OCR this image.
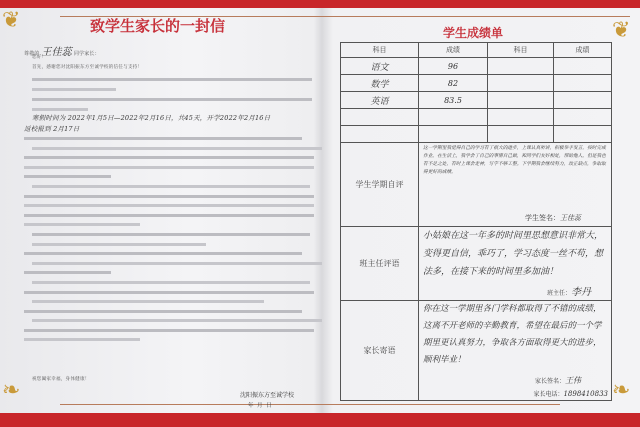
❦
❧
❦
❧
致学生家长的一封信
尊敬的 王佳蕊 同学家长：
您好！
首先，感谢您对沈阳振东方至诚学校的信任与支持！
寒假时间为 2022年1月5日—2022年2月16日，共45天，开学2022年2月16日
返校报到 2月17日
祝您阖家幸福，身体健康！
沈阳振东方至诚学校
年  月  日
学生成绩单
科目	成绩	科目	成绩
语文	96		
数学	82		
英语	83.5		

学生学期自评	这一学期里我觉得自己的学习有了很大的进步，上课认真听讲，积极举手发言，按时完成作业。在生活上，我学会了自己的事情自己做，和同学们友好相处，帮助他人。但是我也有不足之处，有时上课会走神，写字不够工整。下学期我会继续努力，改正缺点，争取取得更好的成绩。
学生签名：王佳蕊		

班主任评语	小姑娘在这一年多的时间里思想意识非常大，变得更自信，乖巧了，学习态度一丝不苟，想法多，在接下来的时间里多加油！
班主任：李丹		

家长寄语	你在这一学期里各门学科都取得了不错的成绩，这离不开老师的辛勤教育，希望在最后的一个学期里更认真努力，争取各方面取得更大的进步，顺利毕业！
家长签名：王伟
家长电话：1898410833		
